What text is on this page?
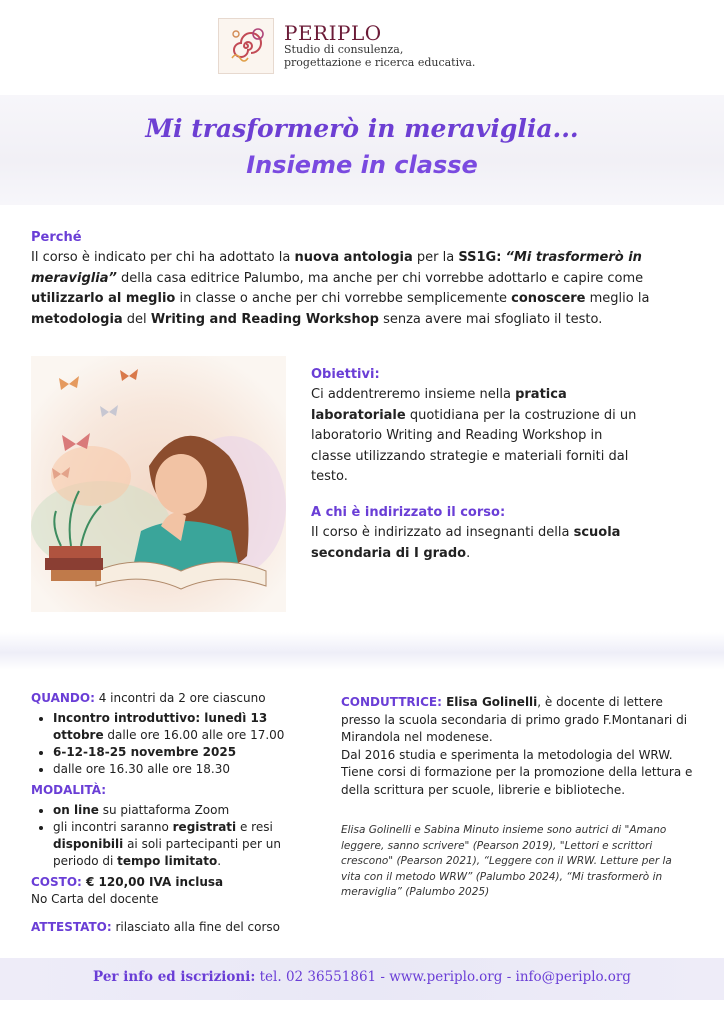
PERIPLO
Studio di consulenza,
progettazione e ricerca educativa.
Mi trasformerò in meraviglia...
Insieme in classe
Perché

Il corso è indicato per chi ha adottato la nuova antologia per la SS1G: “Mi trasformerò in meraviglia” della casa editrice Palumbo, ma anche per chi vorrebbe adottarlo e capire come utilizzarlo al meglio in classe o anche per chi vorrebbe semplicemente conoscere meglio la metodologia del Writing and Reading Workshop senza avere mai sfogliato il testo.

Obiettivi:

Ci addentreremo insieme nella pratica laboratoriale quotidiana per la costruzione di un laboratorio Writing and Reading Workshop in classe utilizzando strategie e materiali forniti dal testo.

A chi è indirizzato il corso:

Il corso è indirizzato ad insegnanti della scuola secondaria di I grado.

QUANDO: 4 incontri da 2 ore ciascuno
• Incontro introduttivo: lunedì 13 ottobre dalle ore 16.00 alle ore 17.00
• 6-12-18-25 novembre 2025
• dalle ore 16.30 alle ore 18.30
MODALITÀ:
• on line su piattaforma Zoom
• gli incontri saranno registrati e resi disponibili ai soli partecipanti per un periodo di tempo limitato.
COSTO: € 120,00 IVA inclusa
No Carta del docente
ATTESTATO: rilasciato alla fine del corso

CONDUTTRICE: Elisa Golinelli, è docente di lettere presso la scuola secondaria di primo grado F.Montanari di Mirandola nel modenese.

Dal 2016 studia e sperimenta la metodologia del WRW.

Tiene corsi di formazione per la promozione della lettura e della scrittura per scuole, librerie e biblioteche.

Elisa Golinelli e Sabina Minuto insieme sono autrici di "Amano leggere, sanno scrivere" (Pearson 2019), "Lettori e scrittori crescono" (Pearson 2021), “Leggere con il WRW. Letture per la vita con il metodo WRW” (Palumbo 2024), “Mi trasformerò in meraviglia” (Palumbo 2025)

Per info ed iscrizioni: tel. 02 36551861 - www.periplo.org - info@periplo.org
